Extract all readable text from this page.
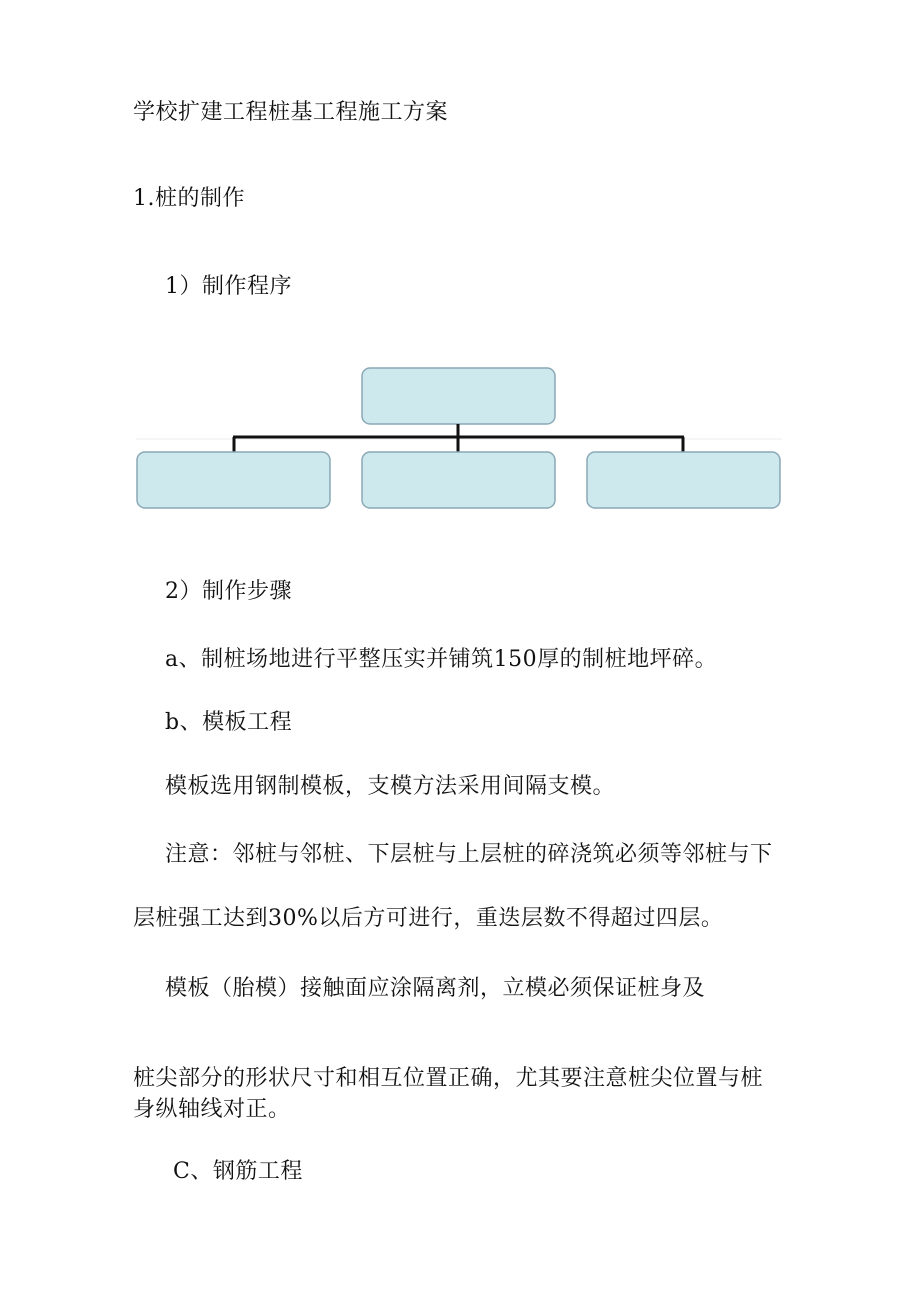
学校扩建工程桩基工程施工方案
1.桩的制作
1）制作程序
2）制作步骤
a、制桩场地进行平整压实并铺筑150厚的制桩地坪碎。
b、模板工程
模板选用钢制模板，支模方法采用间隔支模。
注意：邻桩与邻桩、下层桩与上层桩的碎浇筑必须等邻桩与下
层桩强工达到30%以后方可进行，重迭层数不得超过四层。
模板（胎模）接触面应涂隔离剂，立模必须保证桩身及
桩尖部分的形状尺寸和相互位置正确，尤其要注意桩尖位置与桩
身纵轴线对正。
C、钢筋工程
